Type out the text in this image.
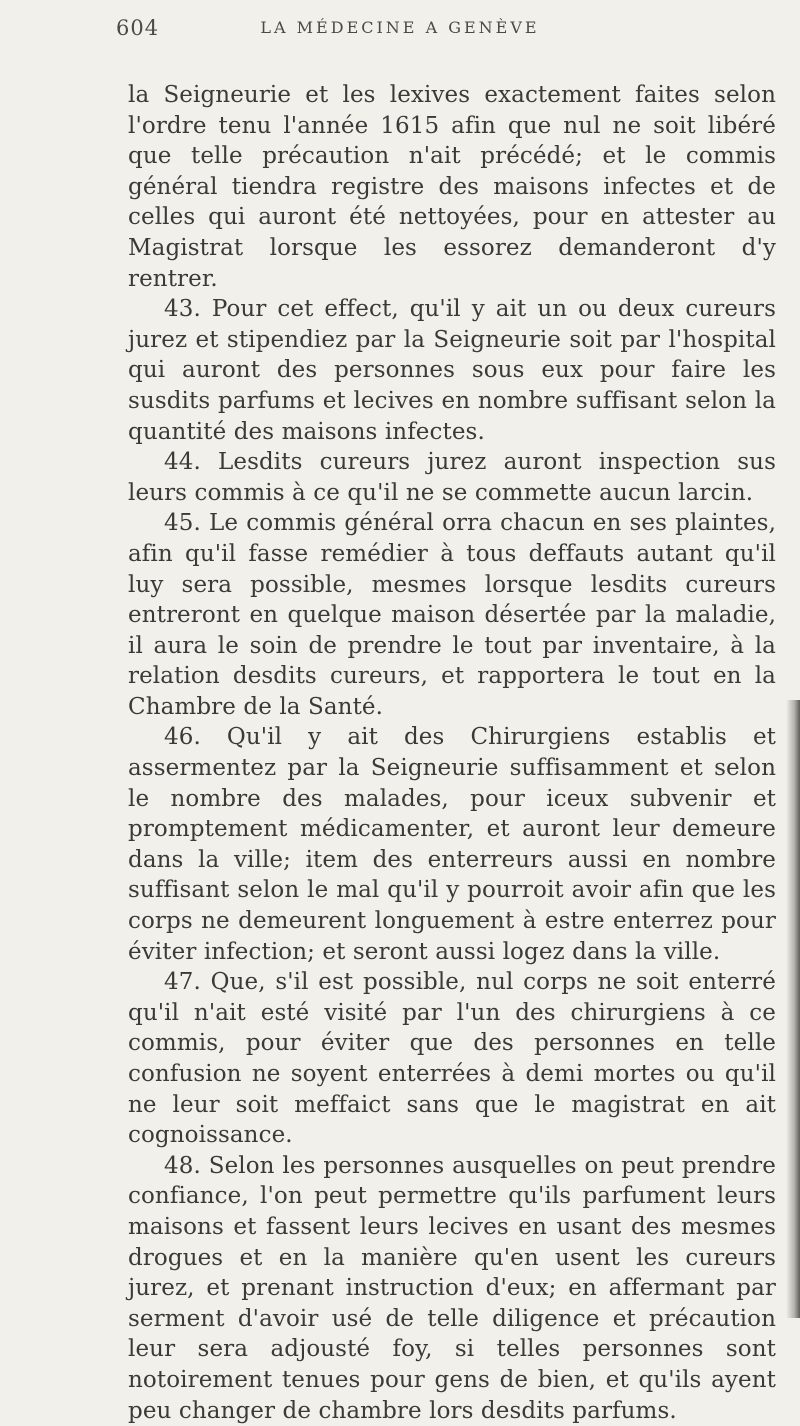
604	LA MÉDECINE A GENÈVE

la Seigneurie et les lexives exactement faites selon l'ordre tenu l'année 1615 afin que nul ne soit libéré que telle précaution n'ait précédé; et le commis général tiendra registre des maisons infectes et de celles qui auront été nettoyées, pour en attester au Magistrat lorsque les essorez demanderont d'y rentrer.

43. Pour cet effect, qu'il y ait un ou deux cureurs jurez et stipendiez par la Seigneurie soit par l'hospital qui auront des personnes sous eux pour faire les susdits parfums et lecives en nombre suffisant selon la quantité des maisons infectes.

44. Lesdits cureurs jurez auront inspection sus leurs commis à ce qu'il ne se commette aucun larcin.

45. Le commis général orra chacun en ses plaintes, afin qu'il fasse remédier à tous deffauts autant qu'il luy sera possible, mesmes lorsque lesdits cureurs entreront en quelque maison désertée par la maladie, il aura le soin de prendre le tout par inventaire, à la relation desdits cureurs, et rapportera le tout en la Chambre de la Santé.

46. Qu'il y ait des Chirurgiens establis et assermentez par la Seigneurie suffisamment et selon le nombre des malades, pour iceux subvenir et promptement médicamenter, et auront leur demeure dans la ville; item des enterreurs aussi en nombre suffisant selon le mal qu'il y pourroit avoir afin que les corps ne demeurent longuement à estre enterrez pour éviter infection; et seront aussi logez dans la ville.

47. Que, s'il est possible, nul corps ne soit enterré qu'il n'ait esté visité par l'un des chirurgiens à ce commis, pour éviter que des personnes en telle confusion ne soyent enterrées à demi mortes ou qu'il ne leur soit meffaict sans que le magistrat en ait cognoissance.

48. Selon les personnes ausquelles on peut prendre confiance, l'on peut permettre qu'ils parfument leurs maisons et fassent leurs lecives en usant des mesmes drogues et en la manière qu'en usent les cureurs jurez, et prenant instruction d'eux; en affermant par serment d'avoir usé de telle diligence et précaution leur sera adjousté foy, si telles personnes sont notoirement tenues pour gens de bien, et qu'ils ayent peu changer de chambre lors desdits parfums.
